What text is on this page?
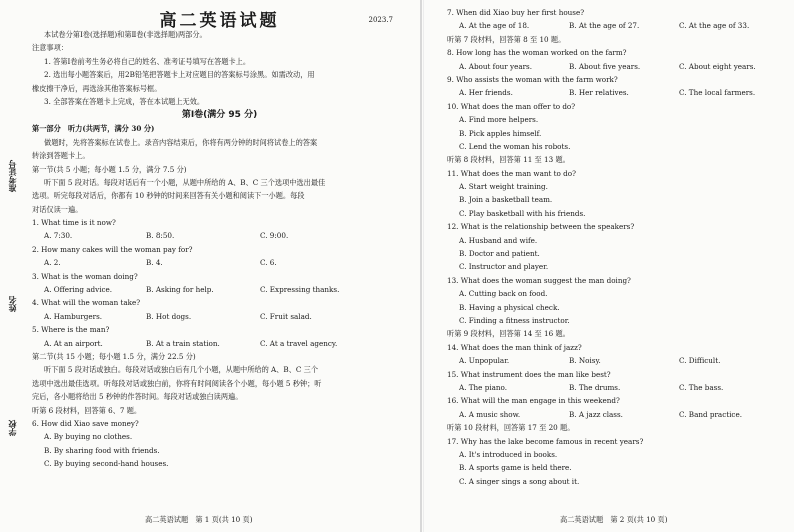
准考证号
姓名
学校
高二英语试题	2023.7
本试卷分第Ⅰ卷(选择题)和第Ⅱ卷(非选择题)两部分。
注意事项：
1. 答第Ⅰ卷前考生务必将自己的姓名、准考证号填写在答题卡上。
2. 选出每小题答案后，用2B铅笔把答题卡上对应题目的答案标号涂黑。如需改动，用
橡皮擦干净后，再选涂其他答案标号框。
3. 全部答案在答题卡上完成，答在本试题上无效。
第Ⅰ卷(满分 95 分)
第一部分　听力(共两节，满分 30 分)
做题时，先将答案标在试卷上。录音内容结束后，你将有两分钟的时间将试卷上的答案
转涂到答题卡上。
第一节(共 5 小题；每小题 1.5 分，满分 7.5 分)
听下面 5 段对话。每段对话后有一个小题，从题中所给的 A、B、C 三个选项中选出最佳
选项。听完每段对话后，你都有 10 秒钟的时间来回答有关小题和阅读下一小题。每段
对话仅读一遍。
1. What time is it now?
A. 7:30.	B. 8:50.	C. 9:00.
2. How many cakes will the woman pay for?
A. 2.	B. 4.	C. 6.
3. What is the woman doing?
A. Offering advice.	B. Asking for help.	C. Expressing thanks.
4. What will the woman take?
A. Hamburgers.	B. Hot dogs.	C. Fruit salad.
5. Where is the man?
A. At an airport.	B. At a train station.	C. At a travel agency.
第二节(共 15 小题；每小题 1.5 分，满分 22.5 分)
听下面 5 段对话或独白。每段对话或独白后有几个小题，从题中所给的 A、B、C 三个
选项中选出最佳选项。听每段对话或独白前，你将有时间阅读各个小题，每小题 5 秒钟；听
完后，各小题将给出 5 秒钟的作答时间。每段对话或独白读两遍。
听第 6 段材料，回答第 6、7 题。
6. How did Xiao save money?
A. By buying no clothes.
B. By sharing food with friends.
C. By buying second-hand houses.
7. When did Xiao buy her first house?
A. At the age of 18.	B. At the age of 27.	C. At the age of 33.
听第 7 段材料，回答第 8 至 10 题。
8. How long has the woman worked on the farm?
A. About four years.	B. About five years.	C. About eight years.
9. Who assists the woman with the farm work?
A. Her friends.	B. Her relatives.	C. The local farmers.
10. What does the man offer to do?
A. Find more helpers.
B. Pick apples himself.
C. Lend the woman his robots.
听第 8 段材料，回答第 11 至 13 题。
11. What does the man want to do?
A. Start weight training.
B. Join a basketball team.
C. Play basketball with his friends.
12. What is the relationship between the speakers?
A. Husband and wife.
B. Doctor and patient.
C. Instructor and player.
13. What does the woman suggest the man doing?
A. Cutting back on food.
B. Having a physical check.
C. Finding a fitness instructor.
听第 9 段材料，回答第 14 至 16 题。
14. What does the man think of jazz?
A. Unpopular.	B. Noisy.	C. Difficult.
15. What instrument does the man like best?
A. The piano.	B. The drums.	C. The bass.
16. What will the man engage in this weekend?
A. A music show.	B. A jazz class.	C. Band practice.
听第 10 段材料，回答第 17 至 20 题。
17. Why has the lake become famous in recent years?
A. It's introduced in books.
B. A sports game is held there.
C. A singer sings a song about it.
高二英语试题　第 1 页(共 10 页)	高二英语试题　第 2 页(共 10 页)
